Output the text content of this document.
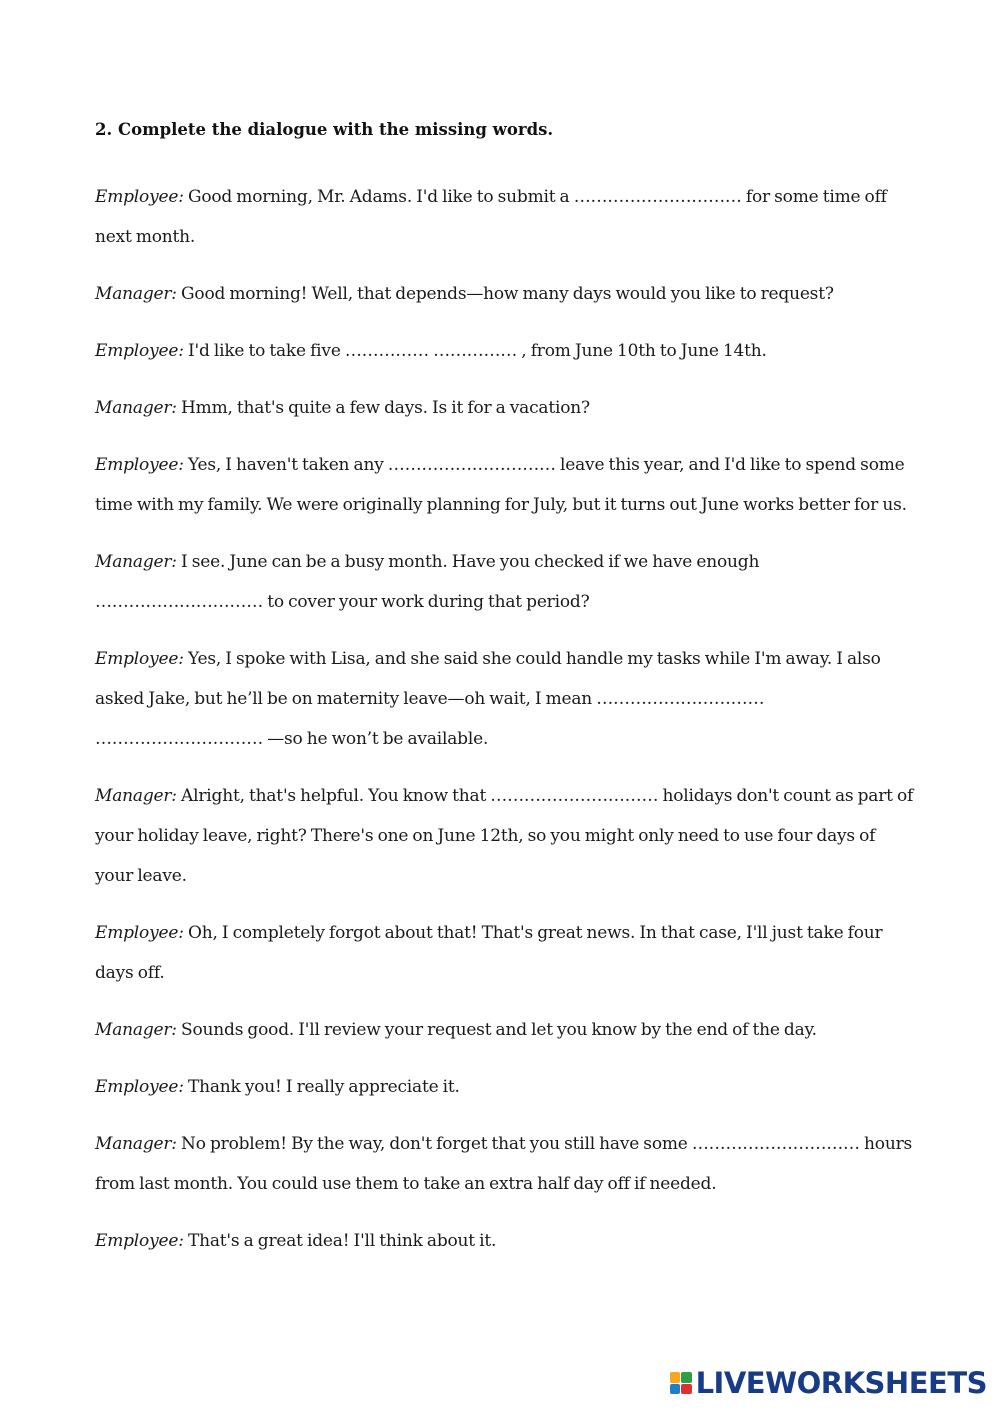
2. Complete the dialogue with the missing words.

Employee: Good morning, Mr. Adams. I'd like to submit a ………………………… for some time off next month.

Manager: Good morning! Well, that depends—how many days would you like to request?

Employee: I'd like to take five …………… …………… , from June 10th to June 14th.

Manager: Hmm, that's quite a few days. Is it for a vacation?

Employee: Yes, I haven't taken any ………………………… leave this year, and I'd like to spend some time with my family. We were originally planning for July, but it turns out June works better for us.

Manager: I see. June can be a busy month. Have you checked if we have enough ………………………… to cover your work during that period?

Employee: Yes, I spoke with Lisa, and she said she could handle my tasks while I'm away. I also asked Jake, but he’ll be on maternity leave—oh wait, I mean ………………………… ………………………… —so he won’t be available.

Manager: Alright, that's helpful. You know that ………………………… holidays don't count as part of your holiday leave, right? There's one on June 12th, so you might only need to use four days of your leave.

Employee: Oh, I completely forgot about that! That's great news. In that case, I'll just take four days off.

Manager: Sounds good. I'll review your request and let you know by the end of the day.

Employee: Thank you! I really appreciate it.

Manager: No problem! By the way, don't forget that you still have some ………………………… hours from last month. You could use them to take an extra half day off if needed.

Employee: That's a great idea! I'll think about it.

LIVEWORKSHEETS
